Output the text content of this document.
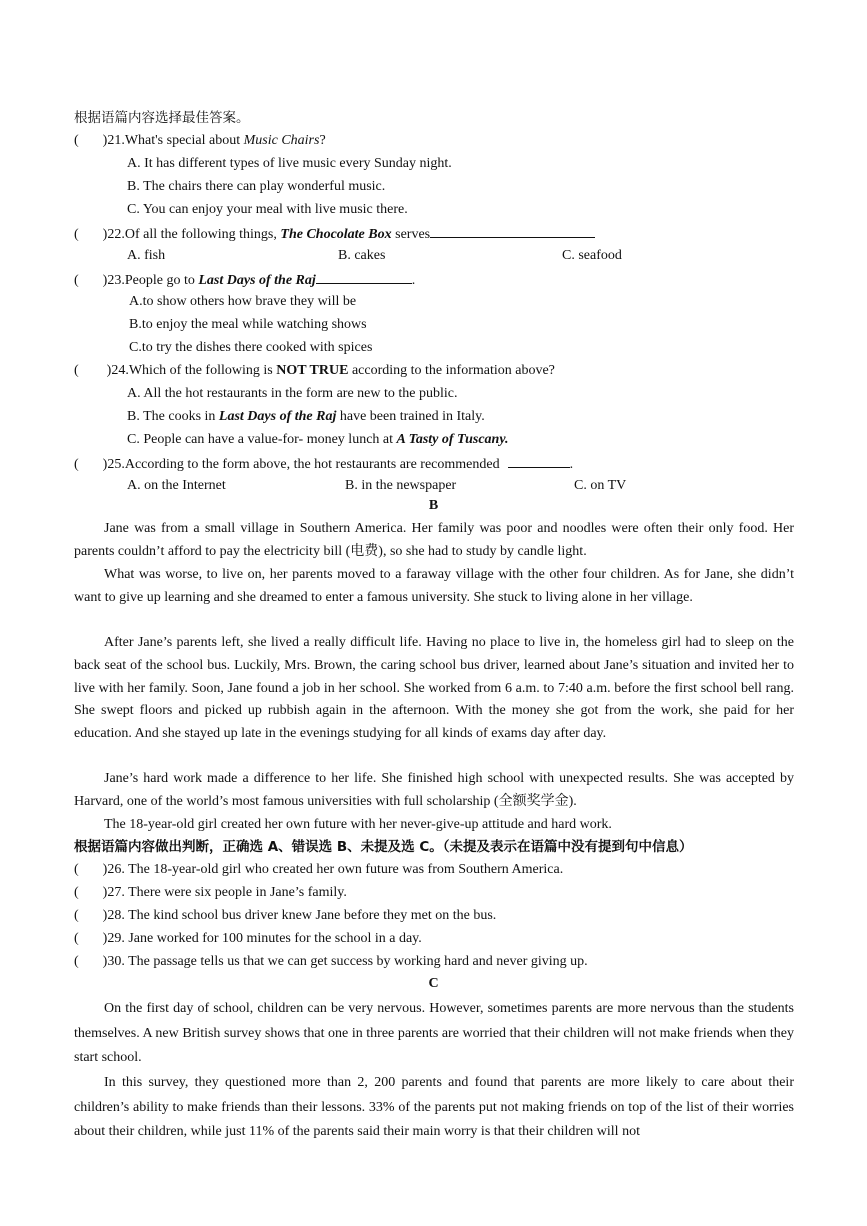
根据语篇内容选择最佳答案。
( )21.What's special about Music Chairs?
A. It has different types of live music every Sunday night.
B. The chairs there can play wonderful music.
C. You can enjoy your meal with live music there.
( )22.Of all the following things, The Chocolate Box serves
A. fish	B. cakes	C. seafood
( )23.People go to Last Days of the Raj	.
A.to show others how brave they will be
B.to enjoy the meal while watching shows
C.to try the dishes there cooked with spices
( )24.Which of the following is NOT TRUE according to the information above?
A. All the hot restaurants in the form are new to the public.
B. The cooks in Last Days of the Raj have been trained in Italy.
C. People can have a value-for- money lunch at A Tasty of Tuscany.
( )25.According to the form above, the hot restaurants are recommended	.
A. on the Internet	B. in the newspaper	C. on TV
B
Jane was from a small village in Southern America. Her family was poor and noodles were often their only food. Her parents couldn’t afford to pay the electricity bill (电费), so she had to study by candle light.
What was worse, to live on, her parents moved to a faraway village with the other four children. As for Jane, she didn’t want to give up learning and she dreamed to enter a famous university. She stuck to living alone in her village.
After Jane’s parents left, she lived a really difficult life. Having no place to live in, the homeless girl had to sleep on the back seat of the school bus. Luckily, Mrs. Brown, the caring school bus driver, learned about Jane’s situation and invited her to live with her family. Soon, Jane found a job in her school. She worked from 6 a.m. to 7:40 a.m. before the first school bell rang. She swept floors and picked up rubbish again in the afternoon. With the money she got from the work, she paid for her education. And she stayed up late in the evenings studying for all kinds of exams day after day.
Jane’s hard work made a difference to her life. She finished high school with unexpected results. She was accepted by Harvard, one of the world’s most famous universities with full scholarship (全额奖学金).
The 18-year-old girl created her own future with her never-give-up attitude and hard work.
根据语篇内容做出判断，正确选 A、错误选 B、未提及选 C。（未提及表示在语篇中没有提到句中信息）
( )26. The 18-year-old girl who created her own future was from Southern America.
( )27. There were six people in Jane’s family.
( )28. The kind school bus driver knew Jane before they met on the bus.
( )29. Jane worked for 100 minutes for the school in a day.
( )30. The passage tells us that we can get success by working hard and never giving up.
C
On the first day of school, children can be very nervous. However, sometimes parents are more nervous than the students themselves. A new British survey shows that one in three parents are worried that their children will not make friends when they start school.
In this survey, they questioned more than 2, 200 parents and found that parents are more likely to care about their children’s ability to make friends than their lessons. 33% of the parents put not making friends on top of the list of their worries about their children, while just 11% of the parents said their main worry is that their children will not
